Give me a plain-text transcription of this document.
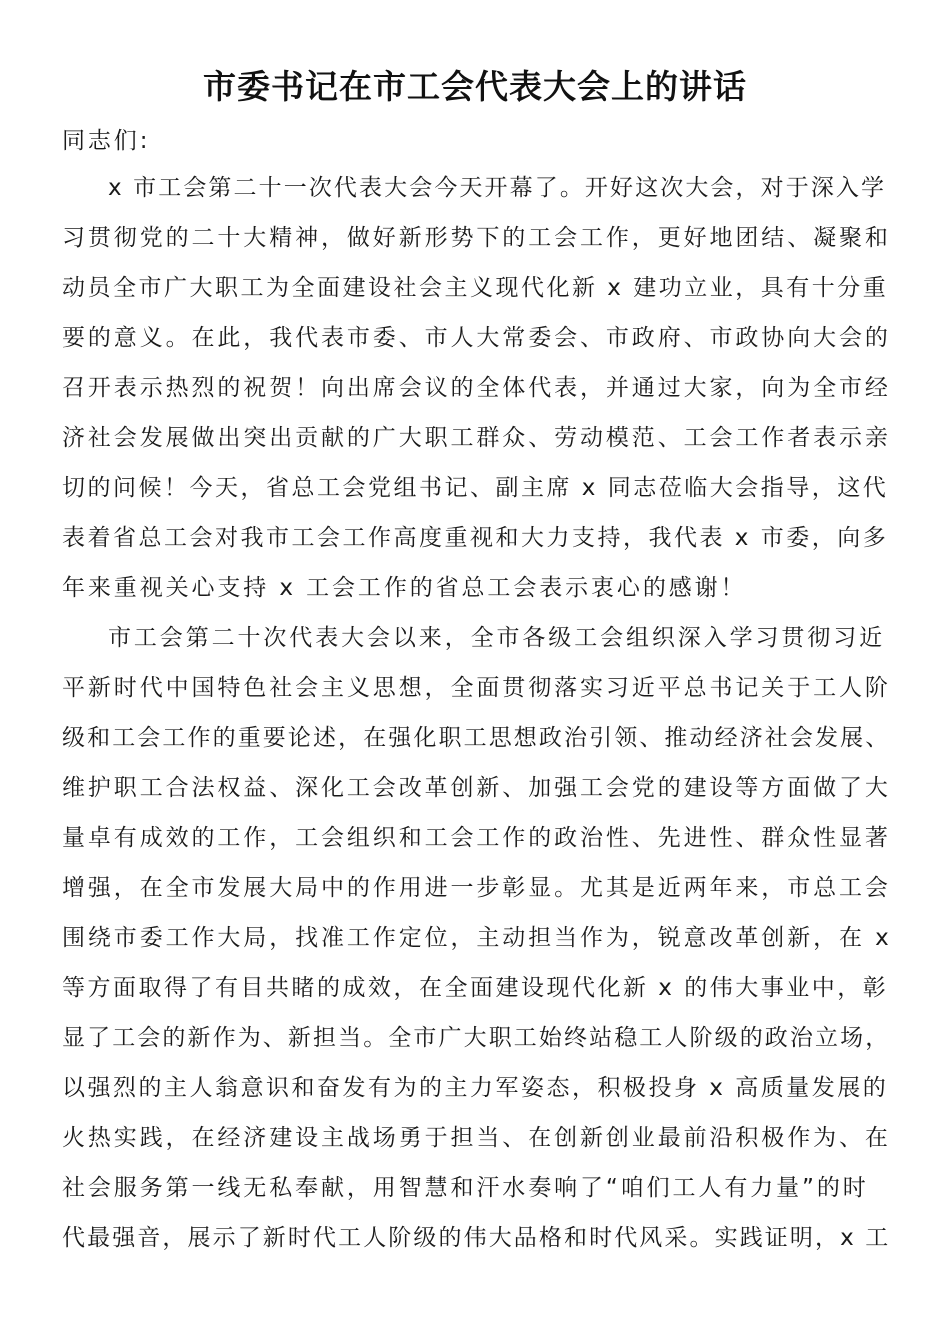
市委书记在市工会代表大会上的讲话
同志们:
x 市工会第二十一次代表大会今天开幕了。开好这次大会，对于深入学
习贯彻党的二十大精神，做好新形势下的工会工作，更好地团结、凝聚和
动员全市广大职工为全面建设社会主义现代化新 x 建功立业，具有十分重
要的意义。在此，我代表市委、市人大常委会、市政府、市政协向大会的
召开表示热烈的祝贺！向出席会议的全体代表，并通过大家，向为全市经
济社会发展做出突出贡献的广大职工群众、劳动模范、工会工作者表示亲
切的问候！今天，省总工会党组书记、副主席 x 同志莅临大会指导，这代
表着省总工会对我市工会工作高度重视和大力支持，我代表 x 市委，向多
年来重视关心支持 x 工会工作的省总工会表示衷心的感谢！
市工会第二十次代表大会以来，全市各级工会组织深入学习贯彻习近
平新时代中国特色社会主义思想，全面贯彻落实习近平总书记关于工人阶
级和工会工作的重要论述，在强化职工思想政治引领、推动经济社会发展、
维护职工合法权益、深化工会改革创新、加强工会党的建设等方面做了大
量卓有成效的工作，工会组织和工会工作的政治性、先进性、群众性显著
增强，在全市发展大局中的作用进一步彰显。尤其是近两年来，市总工会
围绕市委工作大局，找准工作定位，主动担当作为，锐意改革创新，在 x
等方面取得了有目共睹的成效，在全面建设现代化新 x 的伟大事业中，彰
显了工会的新作为、新担当。全市广大职工始终站稳工人阶级的政治立场，
以强烈的主人翁意识和奋发有为的主力军姿态，积极投身 x 高质量发展的
火热实践，在经济建设主战场勇于担当、在创新创业最前沿积极作为、在
社会服务第一线无私奉献，用智慧和汗水奏响了“咱们工人有力量”的时
代最强音，展示了新时代工人阶级的伟大品格和时代风采。实践证明，x 工
